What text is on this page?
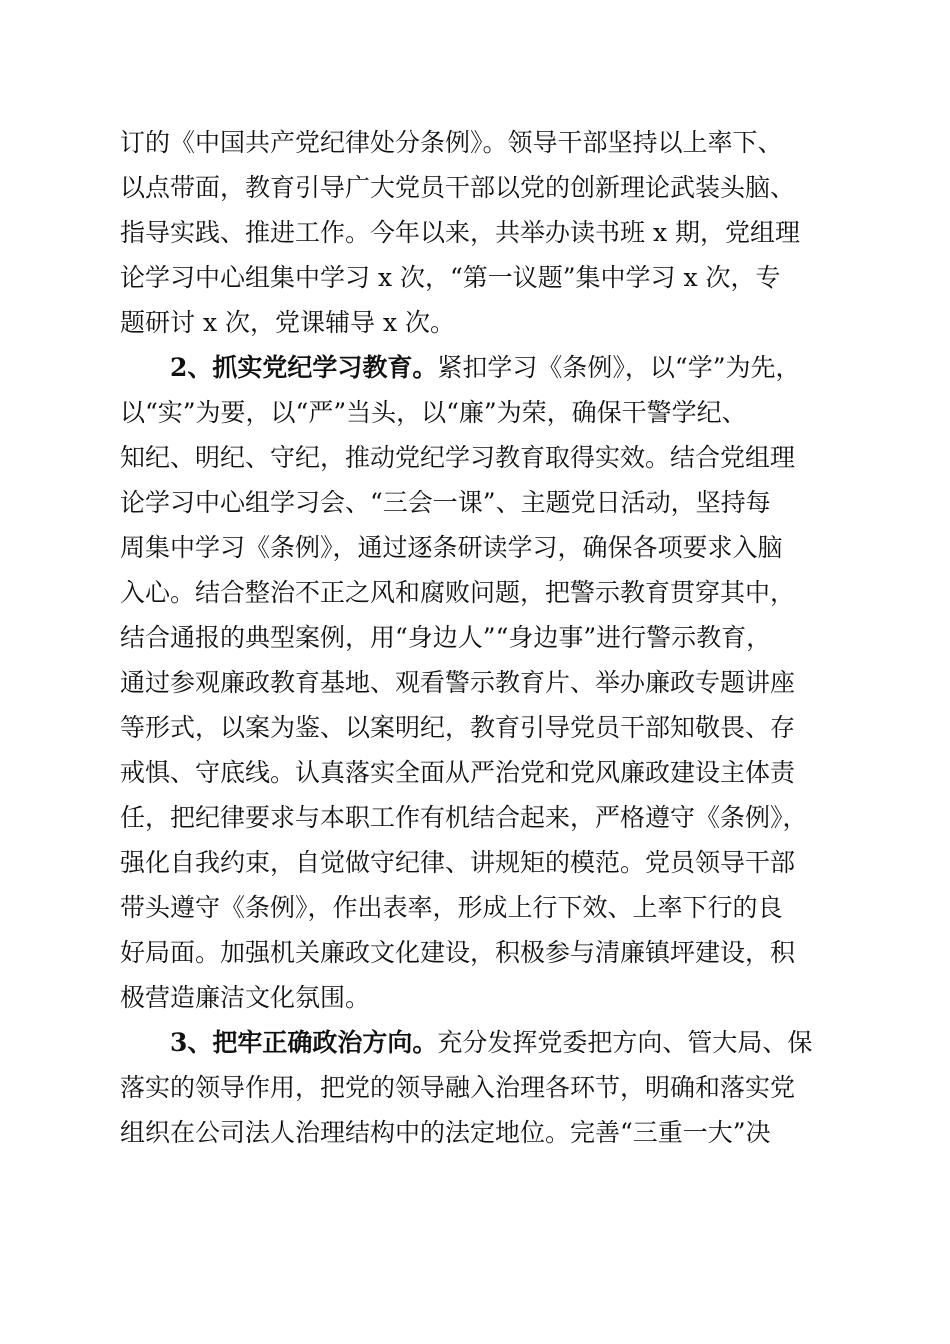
订的《中国共产党纪律处分条例》。领导干部坚持以上率下、
以点带面，教育引导广大党员干部以党的创新理论武装头脑、
指导实践、推进工作。今年以来，共举办读书班 x 期，党组理
论学习中心组集中学习 x 次，“第一议题”集中学习 x 次，专
题研讨 x 次，党课辅导 x 次。
2、抓实党纪学习教育。紧扣学习《条例》，以“学”为先，
以“实”为要，以“严”当头，以“廉”为荣，确保干警学纪、
知纪、明纪、守纪，推动党纪学习教育取得实效。结合党组理
论学习中心组学习会、“三会一课”、主题党日活动，坚持每
周集中学习《条例》，通过逐条研读学习，确保各项要求入脑
入心。结合整治不正之风和腐败问题，把警示教育贯穿其中，
结合通报的典型案例，用“身边人”“身边事”进行警示教育，
通过参观廉政教育基地、观看警示教育片、举办廉政专题讲座
等形式，以案为鉴、以案明纪，教育引导党员干部知敬畏、存
戒惧、守底线。认真落实全面从严治党和党风廉政建设主体责
任，把纪律要求与本职工作有机结合起来，严格遵守《条例》，
强化自我约束，自觉做守纪律、讲规矩的模范。党员领导干部
带头遵守《条例》，作出表率，形成上行下效、上率下行的良
好局面。加强机关廉政文化建设，积极参与清廉镇坪建设，积
极营造廉洁文化氛围。
3、把牢正确政治方向。充分发挥党委把方向、管大局、保
落实的领导作用，把党的领导融入治理各环节，明确和落实党
组织在公司法人治理结构中的法定地位。完善“三重一大”决
